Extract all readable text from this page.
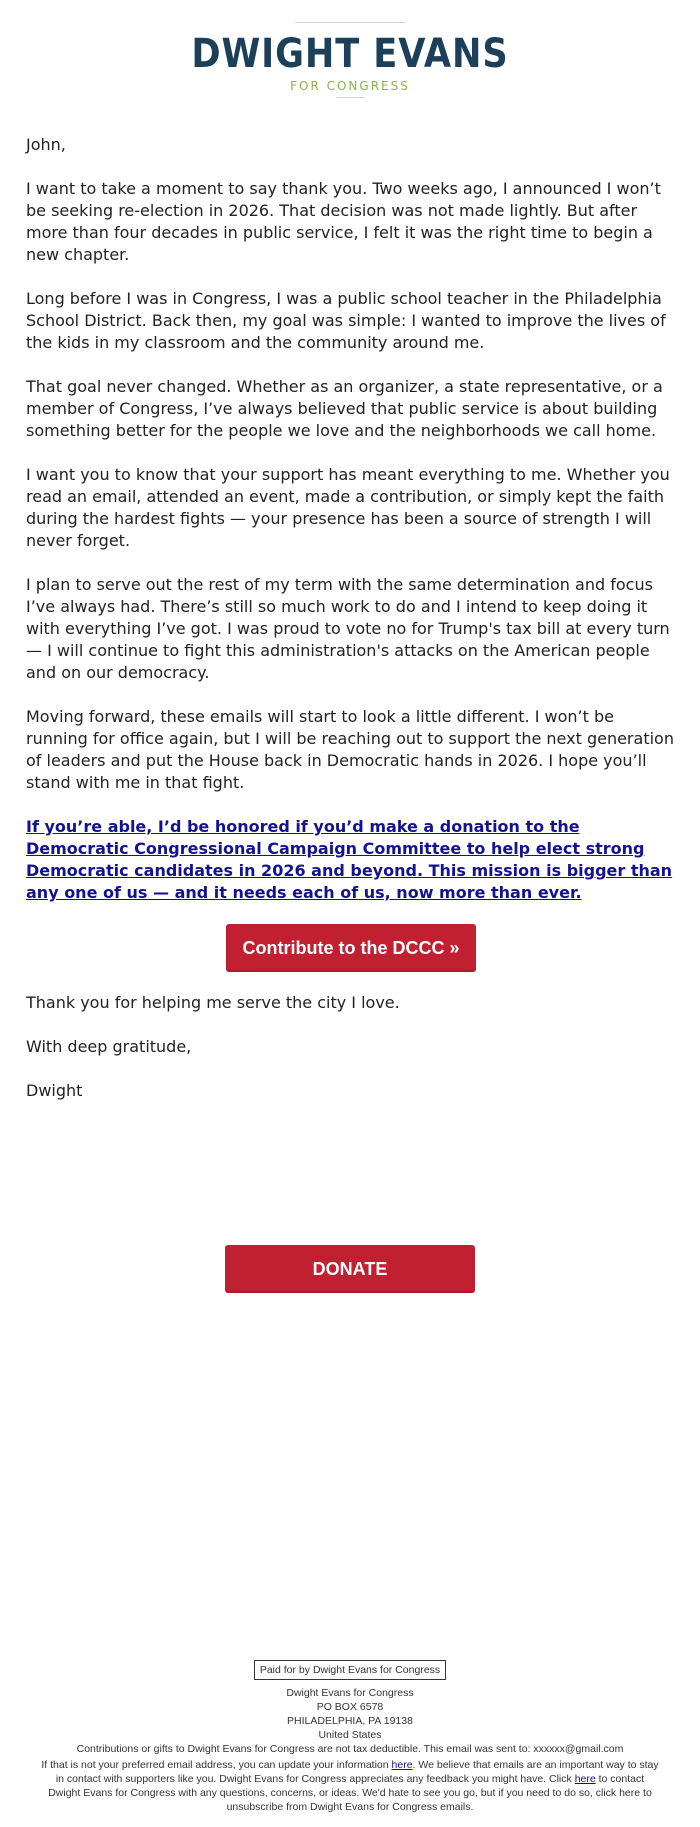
DWIGHT EVANS
FOR CONGRESS

John,

I want to take a moment to say thank you. Two weeks ago, I announced I won’t be seeking re-election in 2026. That decision was not made lightly. But after more than four decades in public service, I felt it was the right time to begin a new chapter.

Long before I was in Congress, I was a public school teacher in the Philadelphia School District. Back then, my goal was simple: I wanted to improve the lives of the kids in my classroom and the community around me.

That goal never changed. Whether as an organizer, a state representative, or a member of Congress, I’ve always believed that public service is about building something better for the people we love and the neighborhoods we call home.

I want you to know that your support has meant everything to me. Whether you read an email, attended an event, made a contribution, or simply kept the faith during the hardest fights — your presence has been a source of strength I will never forget.

I plan to serve out the rest of my term with the same determination and focus I’ve always had. There’s still so much work to do and I intend to keep doing it with everything I’ve got. I was proud to vote no for Trump's tax bill at every turn — I will continue to fight this administration's attacks on the American people and on our democracy.

Moving forward, these emails will start to look a little different. I won’t be running for office again, but I will be reaching out to support the next generation of leaders and put the House back in Democratic hands in 2026. I hope you’ll stand with me in that fight.

If you’re able, I’d be honored if you’d make a donation to the Democratic Congressional Campaign Committee to help elect strong Democratic candidates in 2026 and beyond. This mission is bigger than any one of us — and it needs each of us, now more than ever.

Contribute to the DCCC »

Thank you for helping me serve the city I love.

With deep gratitude,

Dwight

DONATE
Paid for by Dwight Evans for Congress
Dwight Evans for Congress
PO BOX 6578
PHILADELPHIA, PA 19138
United States
Contributions or gifts to Dwight Evans for Congress are not tax deductible. This email was sent to: xxxxxx@gmail.com
If that is not your preferred email address, you can update your information here. We believe that emails are an important way to stay in contact with supporters like you. Dwight Evans for Congress appreciates any feedback you might have. Click here to contact Dwight Evans for Congress with any questions, concerns, or ideas. We'd hate to see you go, but if you need to do so, click here to unsubscribe from Dwight Evans for Congress emails.
